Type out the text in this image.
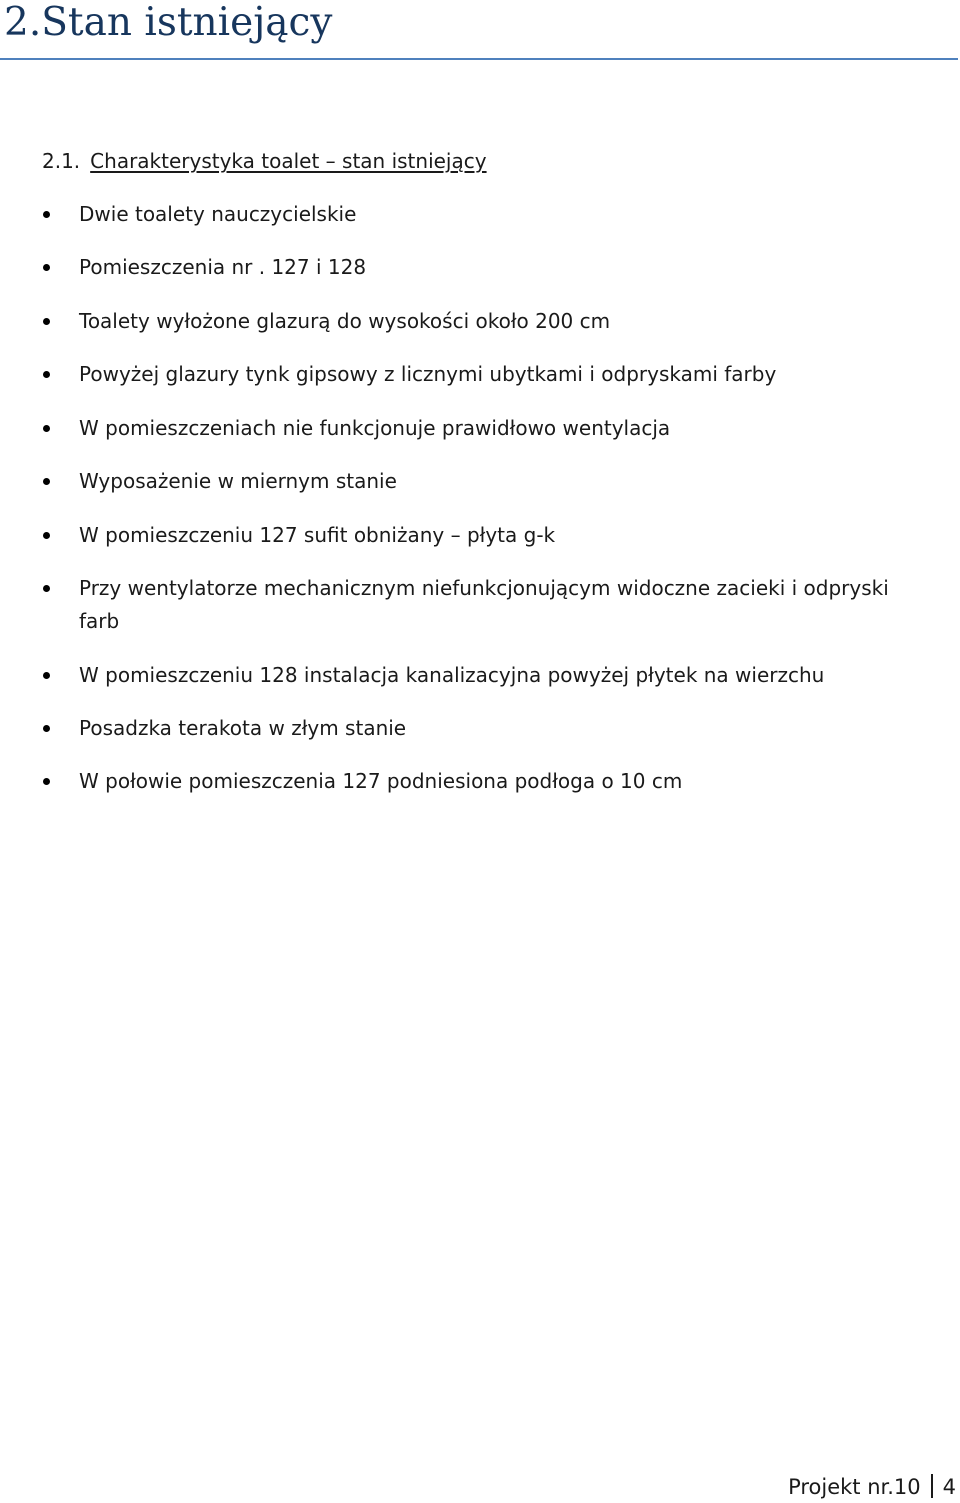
2.Stan istniejący
2.1. Charakterystyka toalet – stan istniejący
Dwie toalety nauczycielskie
Pomieszczenia nr . 127 i 128
Toalety wyłożone glazurą do wysokości około 200 cm
Powyżej glazury tynk gipsowy z licznymi ubytkami i odpryskami farby
W pomieszczeniach nie funkcjonuje prawidłowo wentylacja
Wyposażenie w miernym stanie
W pomieszczeniu 127 sufit obniżany – płyta g-k
Przy wentylatorze mechanicznym niefunkcjonującym widoczne zacieki i odpryski farb
W pomieszczeniu 128 instalacja kanalizacyjna powyżej płytek na wierzchu
Posadzka terakota w złym stanie
W połowie pomieszczenia 127 podniesiona podłoga o 10 cm
Projekt nr.10 4
